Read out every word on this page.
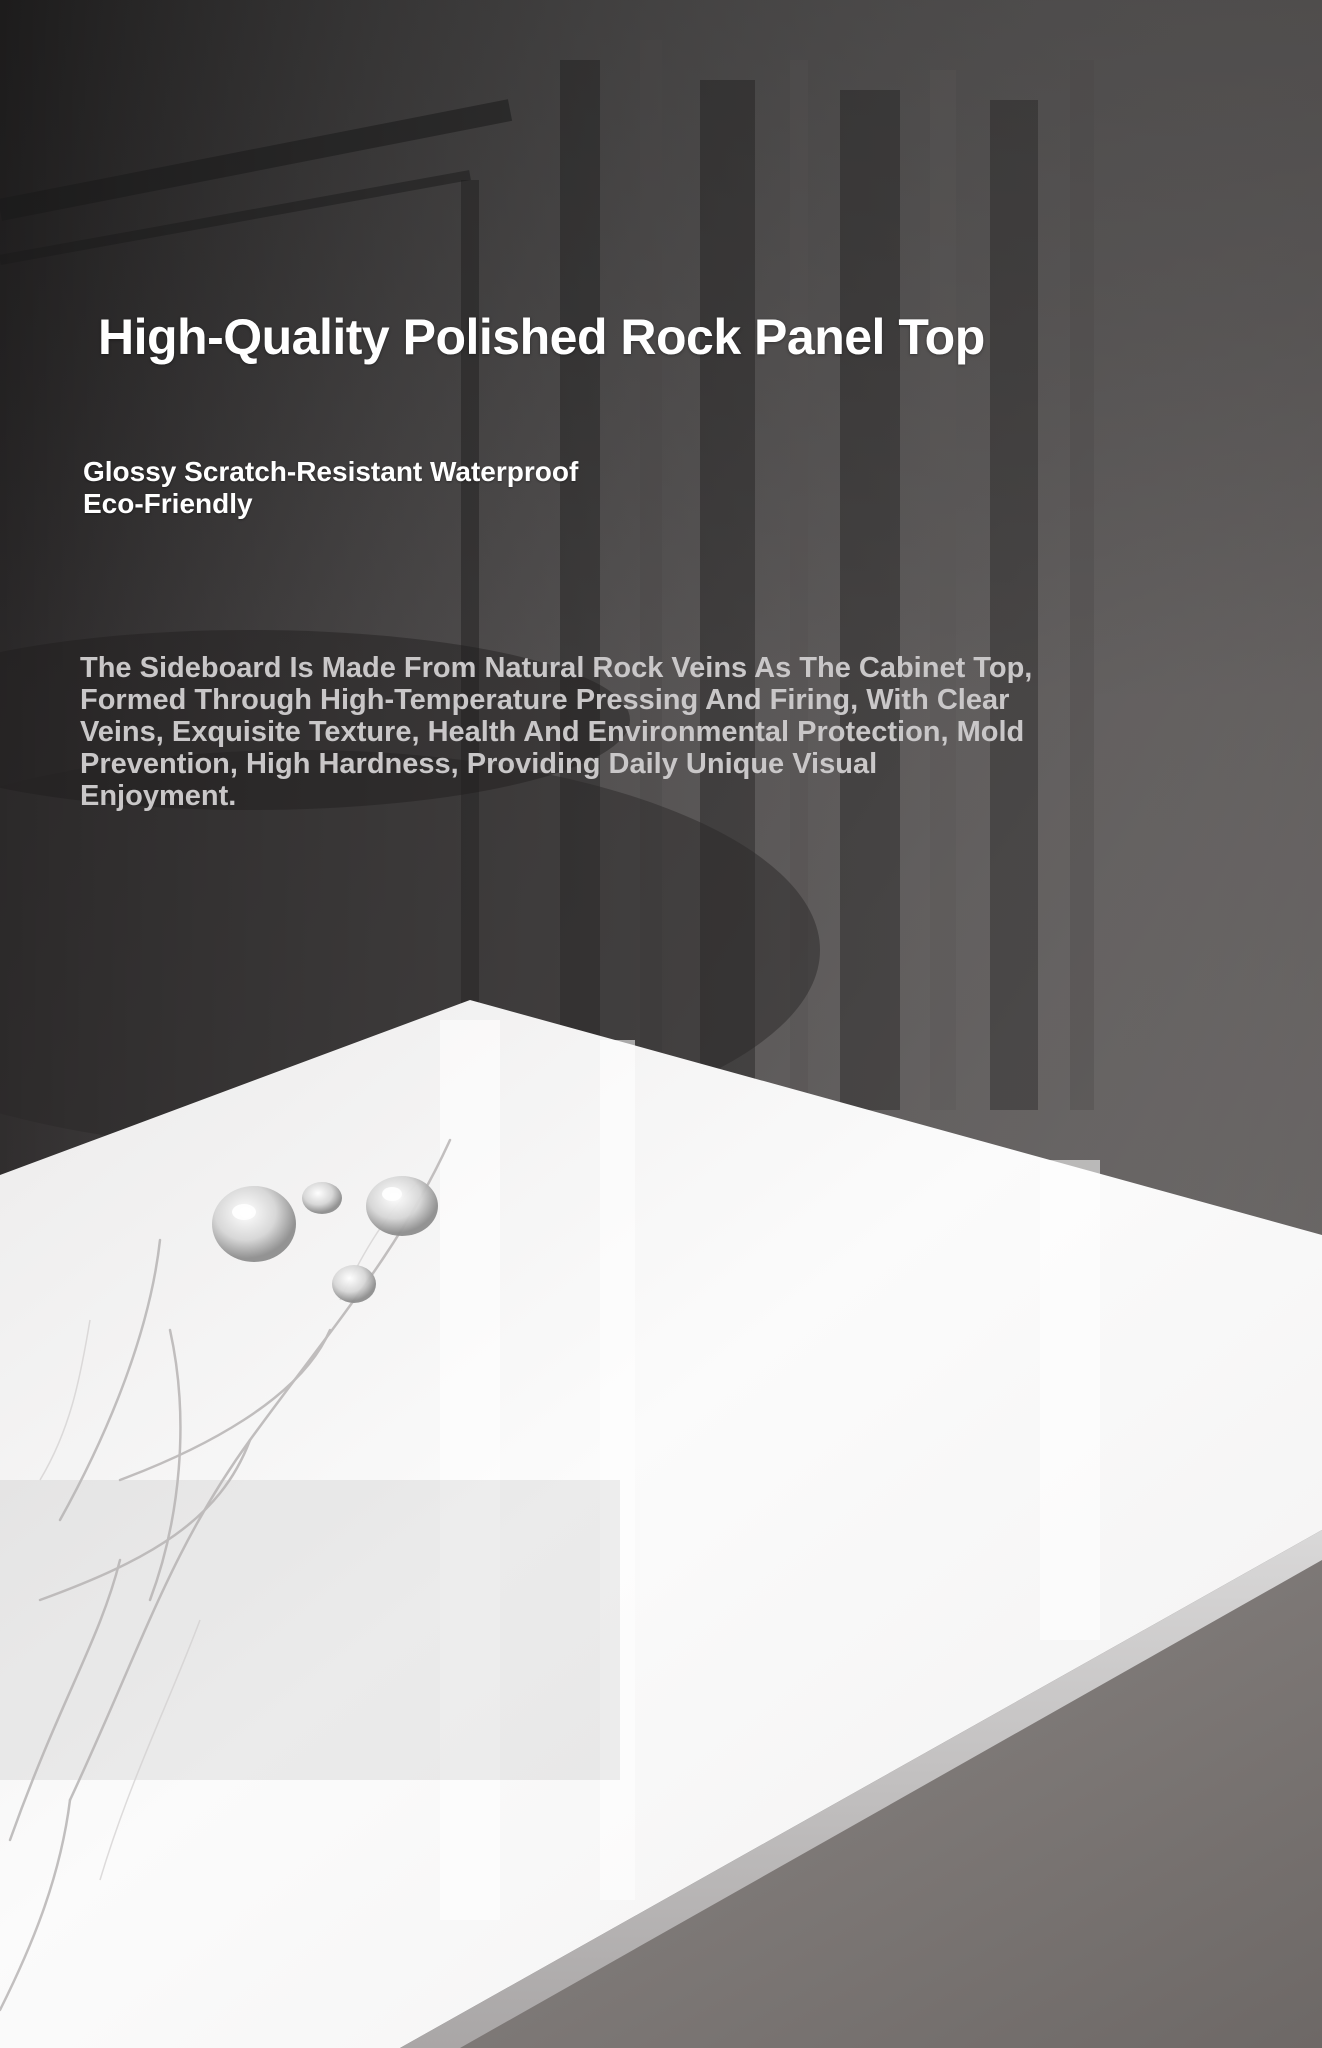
High-Quality Polished Rock Panel Top

Glossy Scratch-Resistant Waterproof
Eco-Friendly

The Sideboard Is Made From Natural Rock Veins As The Cabinet Top, Formed Through High-Temperature Pressing And Firing, With Clear Veins, Exquisite Texture, Health And Environmental Protection, Mold Prevention, High Hardness, Providing Daily Unique Visual Enjoyment.
